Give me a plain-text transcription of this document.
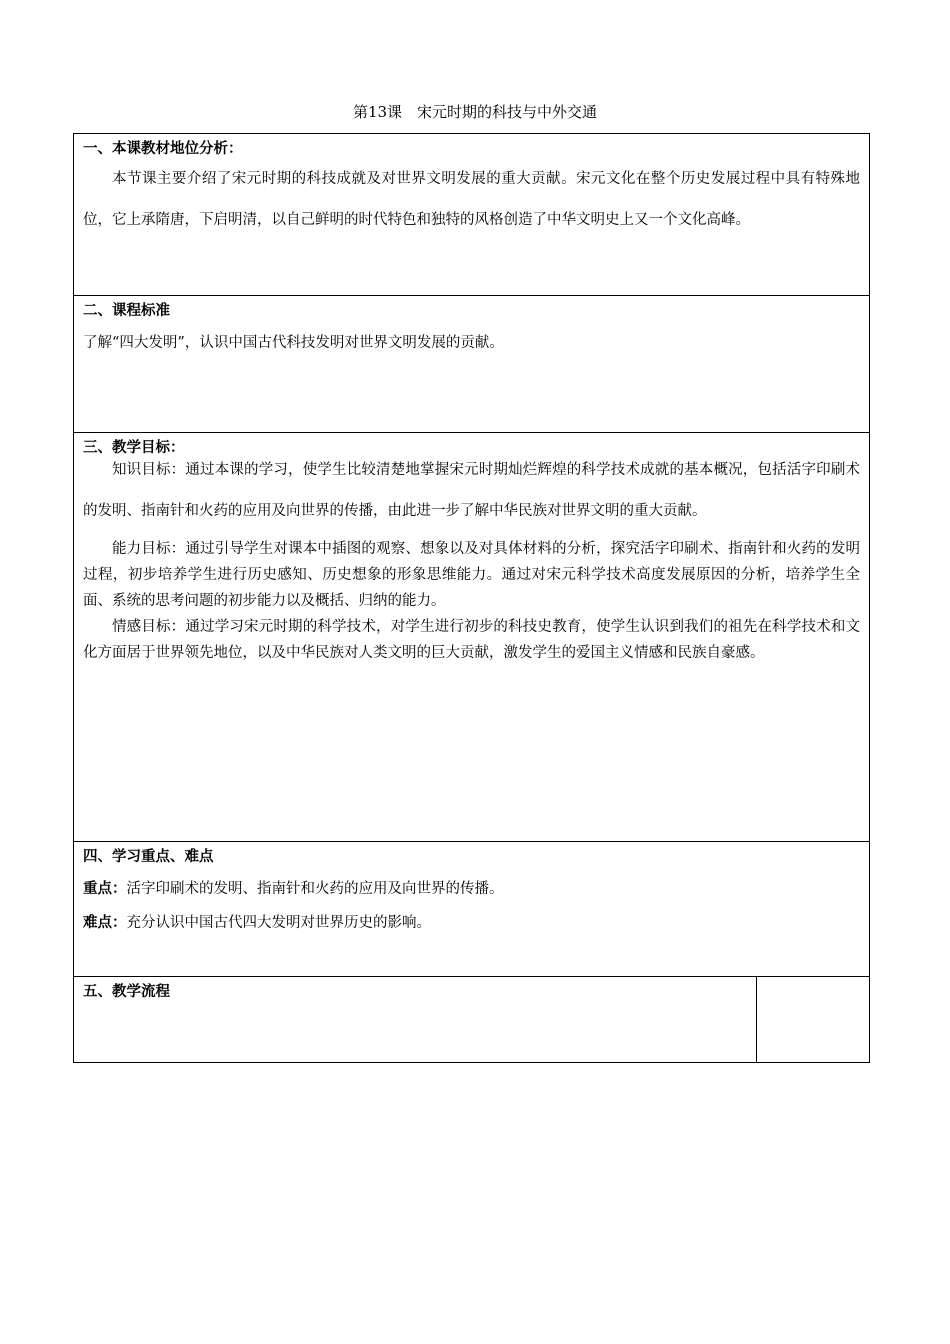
第13课　宋元时期的科技与中外交通
一、本课教材地位分析：

本节课主要介绍了宋元时期的科技成就及对世界文明发展的重大贡献。宋元文化在整个历史发展过程中具有特殊地位，它上承隋唐，下启明清，以自己鲜明的时代特色和独特的风格创造了中华文明史上又一个文化高峰。

二、课程标准

了解“四大发明”，认识中国古代科技发明对世界文明发展的贡献。

三、教学目标：

知识目标：通过本课的学习，使学生比较清楚地掌握宋元时期灿烂辉煌的科学技术成就的基本概况，包括活字印刷术的发明、指南针和火药的应用及向世界的传播，由此进一步了解中华民族对世界文明的重大贡献。

能力目标：通过引导学生对课本中插图的观察、想象以及对具体材料的分析，探究活字印刷术、指南针和火药的发明过程，初步培养学生进行历史感知、历史想象的形象思维能力。通过对宋元科学技术高度发展原因的分析，培养学生全面、系统的思考问题的初步能力以及概括、归纳的能力。

情感目标：通过学习宋元时期的科学技术，对学生进行初步的科技史教育，使学生认识到我们的祖先在科学技术和文化方面居于世界领先地位，以及中华民族对人类文明的巨大贡献，激发学生的爱国主义情感和民族自豪感。

四、学习重点、难点

重点：活字印刷术的发明、指南针和火药的应用及向世界的传播。

难点：充分认识中国古代四大发明对世界历史的影响。

五、教学流程
